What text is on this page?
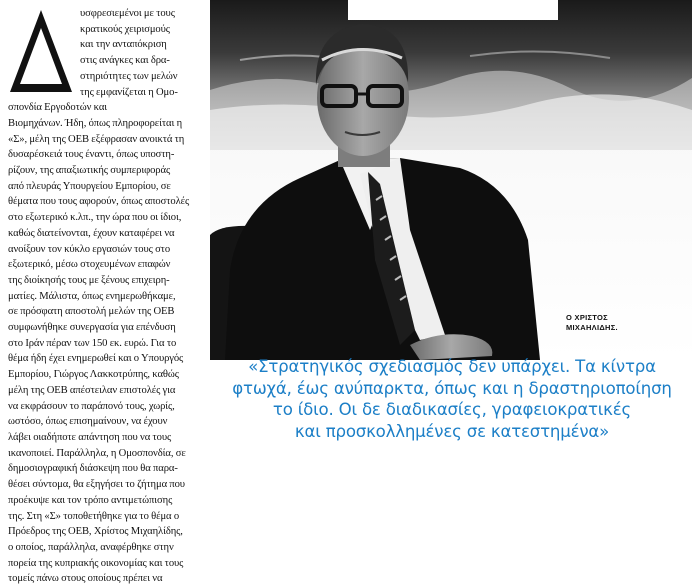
υσφρεσιεμένοι με τους
κρατικούς χειρισμούς
και την ανταπόκριση
στις ανάγκες και δρα-
στηριότητες των μελών
της εμφανίζεται η Ομο-
σπονδία Εργοδοτών και
Βιομηχάνων. Ήδη, όπως πληροφορείται η
«Σ», μέλη της ΟΕΒ εξέφρασαν ανοικτά τη
δυσαρέσκειά τους έναντι, όπως υποστη-
ρίζουν, της απαξιωτικής συμπεριφοράς
από πλευράς Υπουργείου Εμπορίου, σε
θέματα που τους αφορούν, όπως αποστολές
στο εξωτερικό κ.λπ., την ώρα που οι ίδιοι,
καθώς διατείνονται, έχουν καταφέρει να
ανοίξουν τον κύκλο εργασιών τους στο
εξωτερικό, μέσω στοχευμένων επαφών
της διοίκησής τους με ξένους επιχειρη-
ματίες. Μάλιστα, όπως ενημερωθήκαμε,
σε πρόσφατη αποστολή μελών της ΟΕΒ
συμφωνήθηκε συνεργασία για επένδυση
στο Ιράν πέραν των 150 εκ. ευρώ. Για το
θέμα ήδη έχει ενημερωθεί και ο Υπουργός
Εμπορίου, Γιώργος Λακκοτρύπης, καθώς
μέλη της ΟΕΒ απέστειλαν επιστολές για
να εκφράσουν το παράπονό τους, χωρίς,
ωστόσο, όπως επισημαίνουν, να έχουν
λάβει οιαδήποτε απάντηση που να τους
ικανοποιεί. Παράλληλα, η Ομοσπονδία, σε
δημοσιογραφική διάσκεψη που θα παρα-
θέσει σύντομα, θα εξηγήσει το ζήτημα που
προέκυψε και τον τρόπο αντιμετώπισης
της. Στη «Σ» τοποθετήθηκε για το θέμα ο
Πρόεδρος της ΟΕΒ, Χρίστος Μιχαηλίδης,
ο οποίος, παράλληλα, αναφέρθηκε στην
πορεία της κυπριακής οικονομίας και τους
τομείς πάνω στους οποίους πρέπει να

Ο ΧΡΙΣΤΟΣ
ΜΙΧΑΗΛΙΔΗΣ.
«Στρατηγικός σχεδιασμός δεν υπάρχει. Τα κίντρα
φτωχά, έως ανύπαρκτα, όπως και η δραστηριοποίηση
το ίδιο. Οι δε διαδικασίες, γραφειοκρατικές
και προσκολλημένες σε κατεστημένα»
